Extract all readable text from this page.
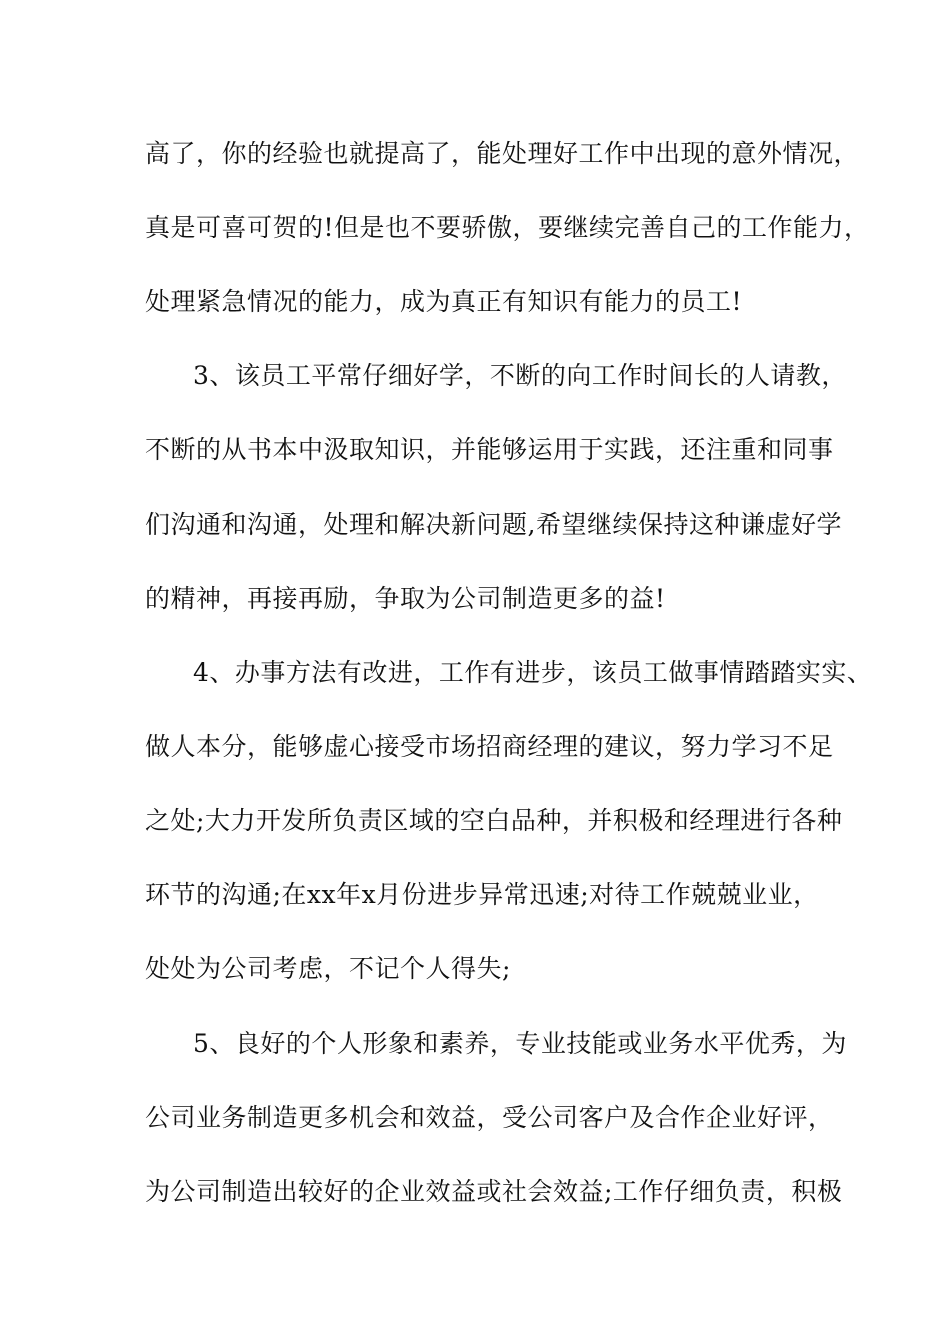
高了，你的经验也就提高了，能处理好工作中出现的意外情况，
真是可喜可贺的!但是也不要骄傲，要继续完善自己的工作能力，
处理紧急情况的能力，成为真正有知识有能力的员工!
3、该员工平常仔细好学，不断的向工作时间长的人请教，
不断的从书本中汲取知识，并能够运用于实践，还注重和同事
们沟通和沟通，处理和解决新问题,希望继续保持这种谦虚好学
的精神，再接再励，争取为公司制造更多的益!
4、办事方法有改进，工作有进步，该员工做事情踏踏实实、
做人本分，能够虚心接受市场招商经理的建议，努力学习不足
之处;大力开发所负责区域的空白品种，并积极和经理进行各种
环节的沟通;在xx年x月份进步异常迅速;对待工作兢兢业业，
处处为公司考虑，不记个人得失;
5、良好的个人形象和素养，专业技能或业务水平优秀，为
公司业务制造更多机会和效益，受公司客户及合作企业好评，
为公司制造出较好的企业效益或社会效益;工作仔细负责，积极
